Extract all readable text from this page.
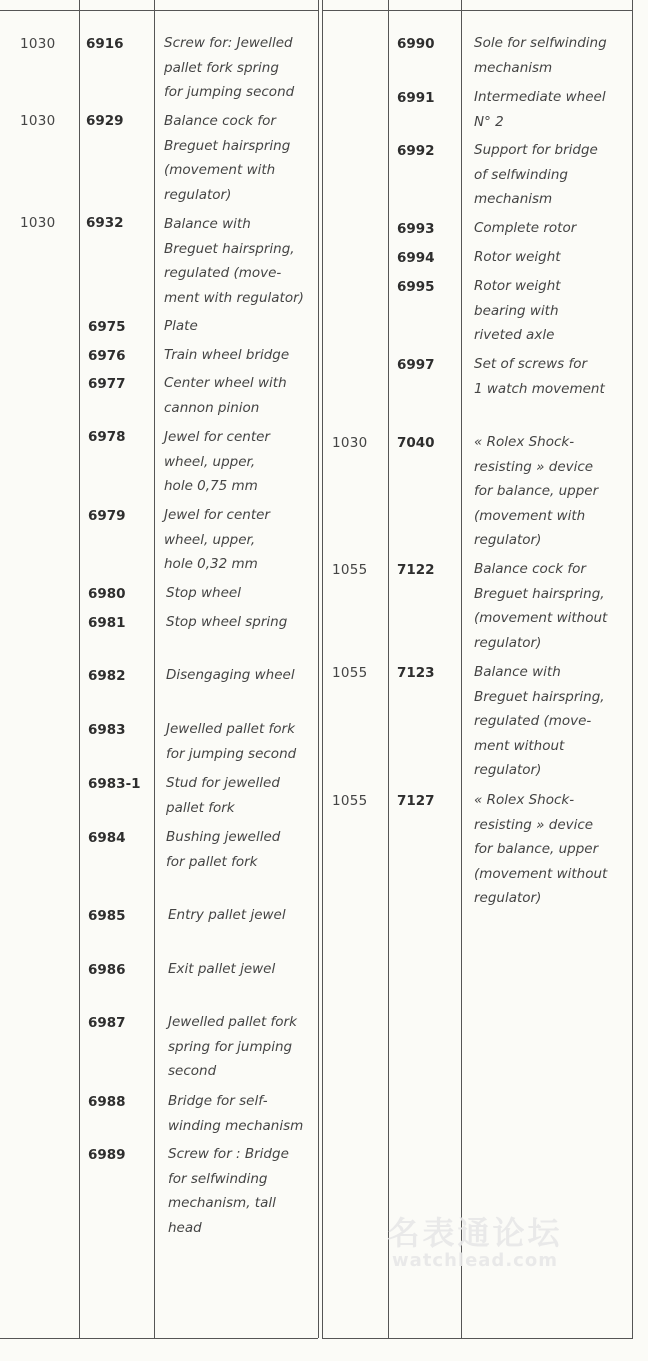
1030 6916	Screw for: Jewelled
pallet fork spring
for jumping second
1030 6929	Balance cock for
Breguet hairspring
(movement with
regulator)
1030 6932	Balance with
Breguet hairspring,
regulated (move-
ment with regulator)
6975	Plate
6976	Train wheel bridge
6977	Center wheel with
cannon pinion
6978	Jewel for center
wheel, upper,
hole 0,75 mm
6979	Jewel for center
wheel, upper,
hole 0,32 mm
6980	Stop wheel
6981	Stop wheel spring
6982	Disengaging wheel
6983	Jewelled pallet fork
for jumping second
6983-1 Stud for jewelled
pallet fork
6984	Bushing jewelled
for pallet fork
6985	Entry pallet jewel
6986	Exit pallet jewel
6987	Jewelled pallet fork
spring for jumping
second
6988	Bridge for self-
winding mechanism
6989	Screw for : Bridge
for selfwinding
mechanism, tall
head
6990	Sole for selfwinding
mechanism
6991	Intermediate wheel
N° 2
6992	Support for bridge
of selfwinding
mechanism
6993	Complete rotor
6994	Rotor weight
6995	Rotor weight
bearing with
riveted axle
6997	Set of screws for
1 watch movement
1030 7040	« Rolex Shock-
resisting » device
for balance, upper
(movement with
regulator)
1055 7122	Balance cock for
Breguet hairspring,
(movement without
regulator)
1055 7123	Balance with
Breguet hairspring,
regulated (move-
ment without
regulator)
1055 7127	« Rolex Shock-
resisting » device
for balance, upper
(movement without
regulator)
名表通论坛
watchlead.com
